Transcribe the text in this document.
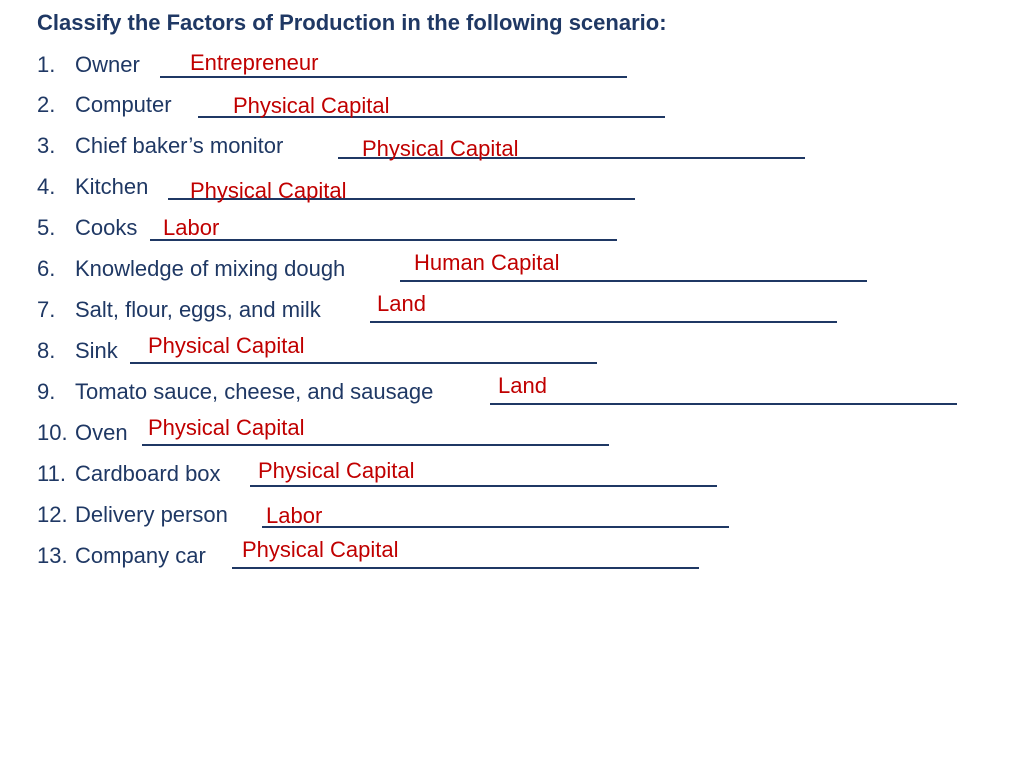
Classify the Factors of Production in the following scenario:
1. Owner Entrepreneur
2. Computer	Physical Capital
3. Chief baker’s monitor	Physical Capital
4. Kitchen Physical Capital
5. Cooks Labor
6. Knowledge of mixing dough	Human Capital
7. Salt, flour, eggs, and milk	Land
8. Sink Physical Capital
9. Tomato sauce, cheese, and sausage	Land
10. Oven Physical Capital
11. Cardboard box Physical Capital
12. Delivery person Labor
13. Company car Physical Capital
